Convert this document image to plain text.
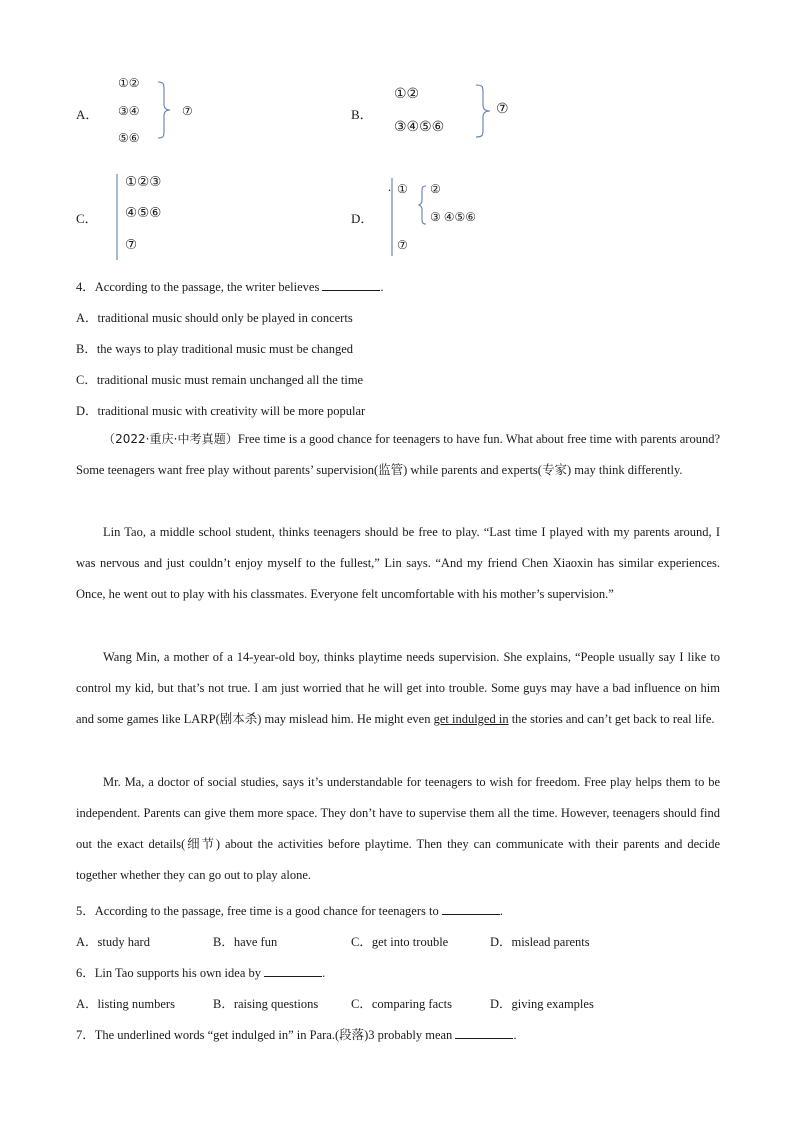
A．
①②
③④
⑤⑥
⑦	B．
①②
③④⑤⑥
⑦
C．
①②③
④⑤⑥
⑦
D．
. ① ②
③ ④⑤⑥
⑦
4．According to the passage, the writer believes	.
A．traditional music should only be played in concerts
B．the ways to play traditional music must be changed
C．traditional music must remain unchanged all the time
D．traditional music with creativity will be more popular
（2022·重庆·中考真题）Free time is a good chance for teenagers to have fun. What about free time with parents around? Some teenagers want free play without parents’ supervision(监管) while parents and experts(专家) may think differently.
Lin Tao, a middle school student, thinks teenagers should be free to play. “Last time I played with my parents around, I was nervous and just couldn’t enjoy myself to the fullest,” Lin says. “And my friend Chen Xiaoxin has similar experiences. Once, he went out to play with his classmates. Everyone felt uncomfortable with his mother’s supervision.”
Wang Min, a mother of a 14-year-old boy, thinks playtime needs supervision. She explains, “People usually say I like to control my kid, but that’s not true. I am just worried that he will get into trouble. Some guys may have a bad influence on him and some games like LARP(剧本杀) may mislead him. He might even get indulged in the stories and can’t get back to real life.
Mr. Ma, a doctor of social studies, says it’s understandable for teenagers to wish for freedom. Free play helps them to be independent. Parents can give them more space. They don’t have to supervise them all the time. However, teenagers should find out the exact details(细节) about the activities before playtime. Then they can communicate with their parents and decide together whether they can go out to play alone.
5．According to the passage, free time is a good chance for teenagers to	.
A．study hard	B．have fun	C．get into trouble	D．mislead parents
6．Lin Tao supports his own idea by	.
A．listing numbers	B．raising questions	C．comparing facts	D．giving examples
7．The underlined words “get indulged in” in Para.(段落)3 probably mean	.
